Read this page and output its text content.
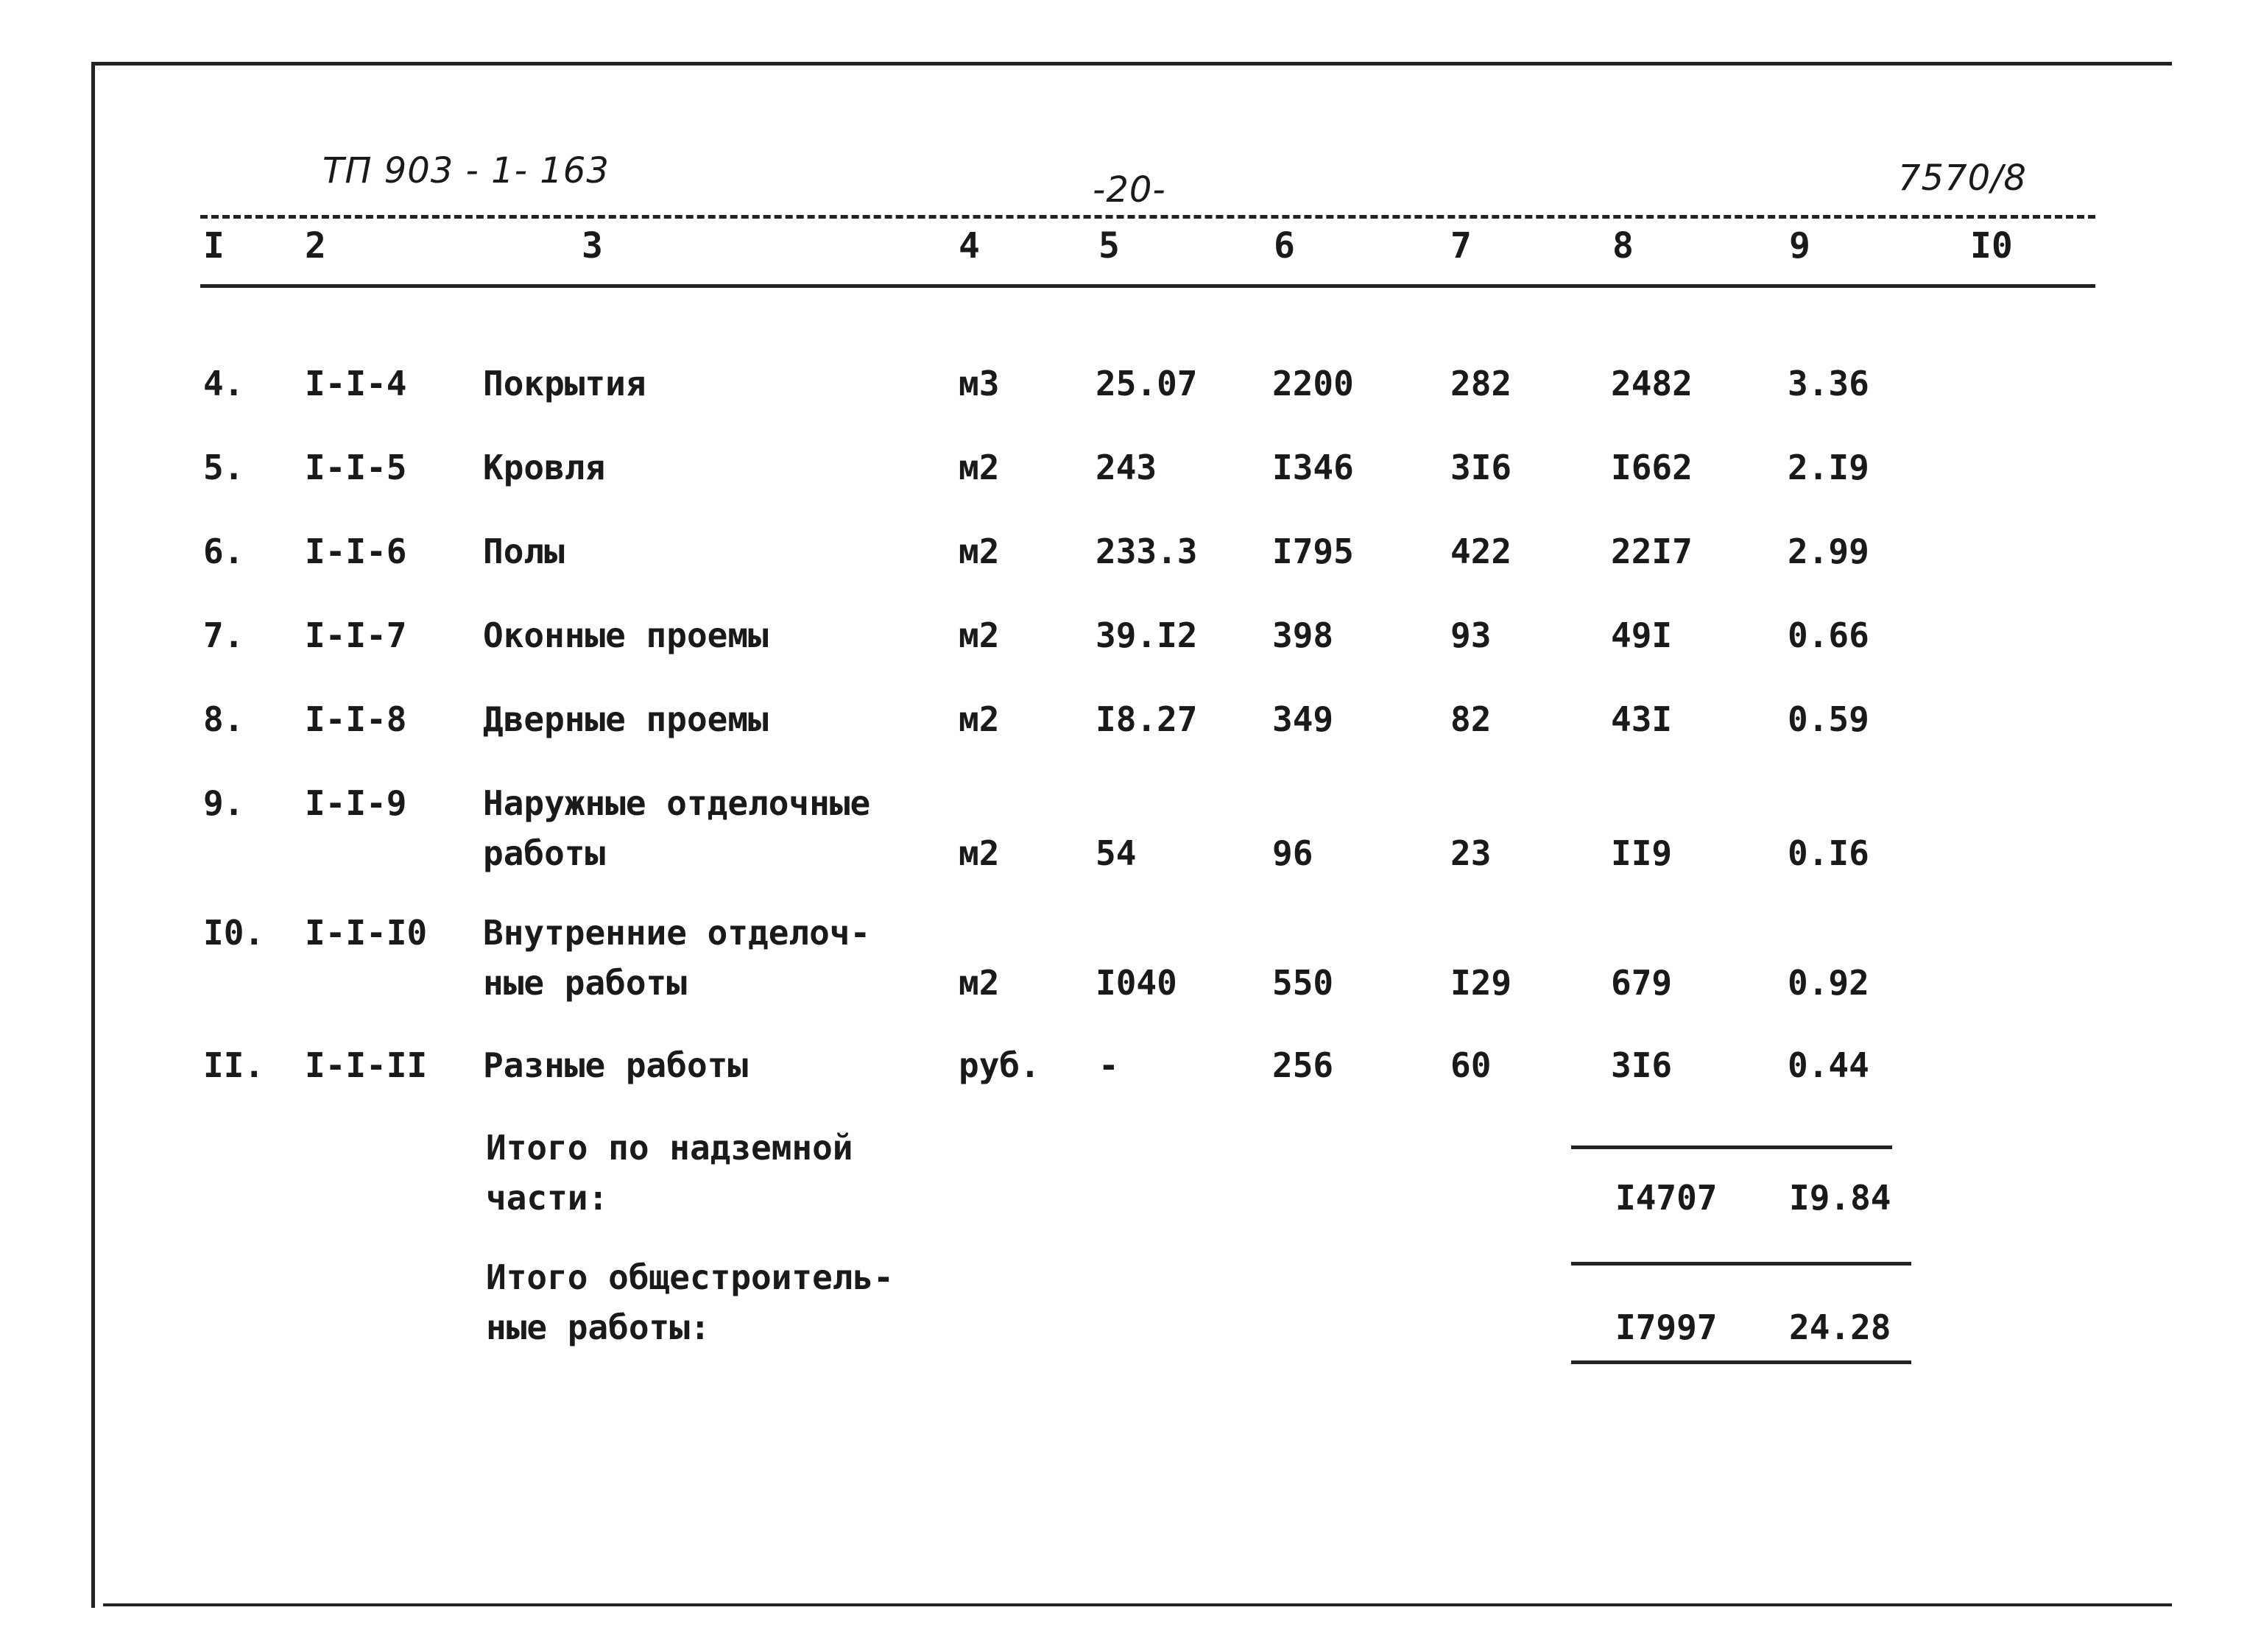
ТП 903 - 1- 163	-20-	7570/8
I 2	3	4	5	6	7	8	9	I0
4. I-I-4 Покрытия	м3	25.07 2200	282	2482	3.36
5. I-I-5 Кровля	м2	243	I346	3I6	I662	2.I9
6. I-I-6 Полы	м2	233.3 I795	422	22I7	2.99
7. I-I-7 Оконные проемы	м2	39.I2 398	93	49I	0.66
8. I-I-8 Дверные проемы	м2	I8.27 349	82	43I	0.59
9. I-I-9 Наружные отделочные
работы	м2	54	96	23	II9	0.I6
I0. I-I-I0 Внутренние отделоч-
ные работы	м2	I040	550	I29	679	0.92
II. I-I-II Разные работы	руб. -	256	60	3I6	0.44
Итого по надземной
части:	I4707 I9.84
Итого общестроитель-
ные работы:	I7997 24.28
